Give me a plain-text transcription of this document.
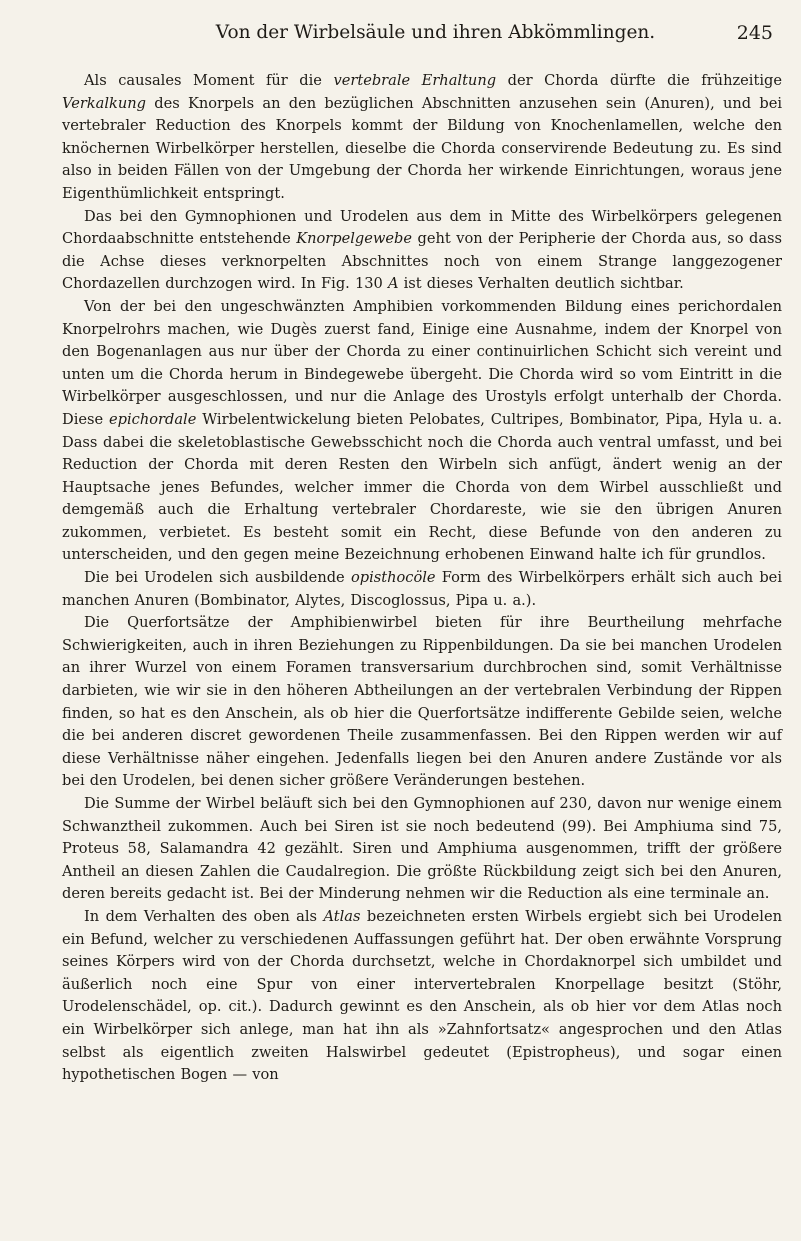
Von der Wirbelsäule und ihren Abkömmlingen.	245

Als causales Moment für die vertebrale Erhaltung der Chorda dürfte die frühzeitige Verkalkung des Knorpels an den bezüglichen Abschnitten anzusehen sein (Anuren), und bei vertebraler Reduction des Knorpels kommt der Bildung von Knochenlamellen, welche den knöchernen Wirbelkörper herstellen, dieselbe die Chorda conservirende Bedeutung zu. Es sind also in beiden Fällen von der Umgebung der Chorda her wirkende Einrichtungen, woraus jene Eigenthümlichkeit entspringt.

Das bei den Gymnophionen und Urodelen aus dem in Mitte des Wirbelkörpers gelegenen Chordaabschnitte entstehende Knorpelgewebe geht von der Peripherie der Chorda aus, so dass die Achse dieses verknorpelten Abschnittes noch von einem Strange langgezogener Chordazellen durchzogen wird. In Fig. 130 A ist dieses Verhalten deutlich sichtbar.

Von der bei den ungeschwänzten Amphibien vorkommenden Bildung eines perichordalen Knorpelrohrs machen, wie Dugès zuerst fand, Einige eine Ausnahme, indem der Knorpel von den Bogenanlagen aus nur über der Chorda zu einer continuirlichen Schicht sich vereint und unten um die Chorda herum in Bindegewebe übergeht. Die Chorda wird so vom Eintritt in die Wirbelkörper ausgeschlossen, und nur die Anlage des Urostyls erfolgt unterhalb der Chorda. Diese epichordale Wirbelentwickelung bieten Pelobates, Cultripes, Bombinator, Pipa, Hyla u. a. Dass dabei die skeletoblastische Gewebsschicht noch die Chorda auch ventral umfasst, und bei Reduction der Chorda mit deren Resten den Wirbeln sich anfügt, ändert wenig an der Hauptsache jenes Befundes, welcher immer die Chorda von dem Wirbel ausschließt und demgemäß auch die Erhaltung vertebraler Chordareste, wie sie den übrigen Anuren zukommen, verbietet. Es besteht somit ein Recht, diese Befunde von den anderen zu unterscheiden, und den gegen meine Bezeichnung erhobenen Einwand halte ich für grundlos.

Die bei Urodelen sich ausbildende opisthocöle Form des Wirbelkörpers erhält sich auch bei manchen Anuren (Bombinator, Alytes, Discoglossus, Pipa u. a.).

Die Querfortsätze der Amphibienwirbel bieten für ihre Beurtheilung mehrfache Schwierigkeiten, auch in ihren Beziehungen zu Rippenbildungen. Da sie bei manchen Urodelen an ihrer Wurzel von einem Foramen transversarium durchbrochen sind, somit Verhältnisse darbieten, wie wir sie in den höheren Abtheilungen an der vertebralen Verbindung der Rippen finden, so hat es den Anschein, als ob hier die Querfortsätze indifferente Gebilde seien, welche die bei anderen discret gewordenen Theile zusammenfassen. Bei den Rippen werden wir auf diese Verhältnisse näher eingehen. Jedenfalls liegen bei den Anuren andere Zustände vor als bei den Urodelen, bei denen sicher größere Veränderungen bestehen.

Die Summe der Wirbel beläuft sich bei den Gymnophionen auf 230, davon nur wenige einem Schwanztheil zukommen. Auch bei Siren ist sie noch bedeutend (99). Bei Amphiuma sind 75, Proteus 58, Salamandra 42 gezählt. Siren und Amphiuma ausgenommen, trifft der größere Antheil an diesen Zahlen die Caudalregion. Die größte Rückbildung zeigt sich bei den Anuren, deren bereits gedacht ist. Bei der Minderung nehmen wir die Reduction als eine terminale an.

In dem Verhalten des oben als Atlas bezeichneten ersten Wirbels ergiebt sich bei Urodelen ein Befund, welcher zu verschiedenen Auffassungen geführt hat. Der oben erwähnte Vorsprung seines Körpers wird von der Chorda durchsetzt, welche in Chordaknorpel sich umbildet und äußerlich noch eine Spur von einer intervertebralen Knorpellage besitzt (Stöhr, Urodelenschädel, op. cit.). Dadurch gewinnt es den Anschein, als ob hier vor dem Atlas noch ein Wirbelkörper sich anlege, man hat ihn als »Zahnfortsatz« angesprochen und den Atlas selbst als eigentlich zweiten Halswirbel gedeutet (Epistropheus), und sogar einen hypothetischen Bogen — von
